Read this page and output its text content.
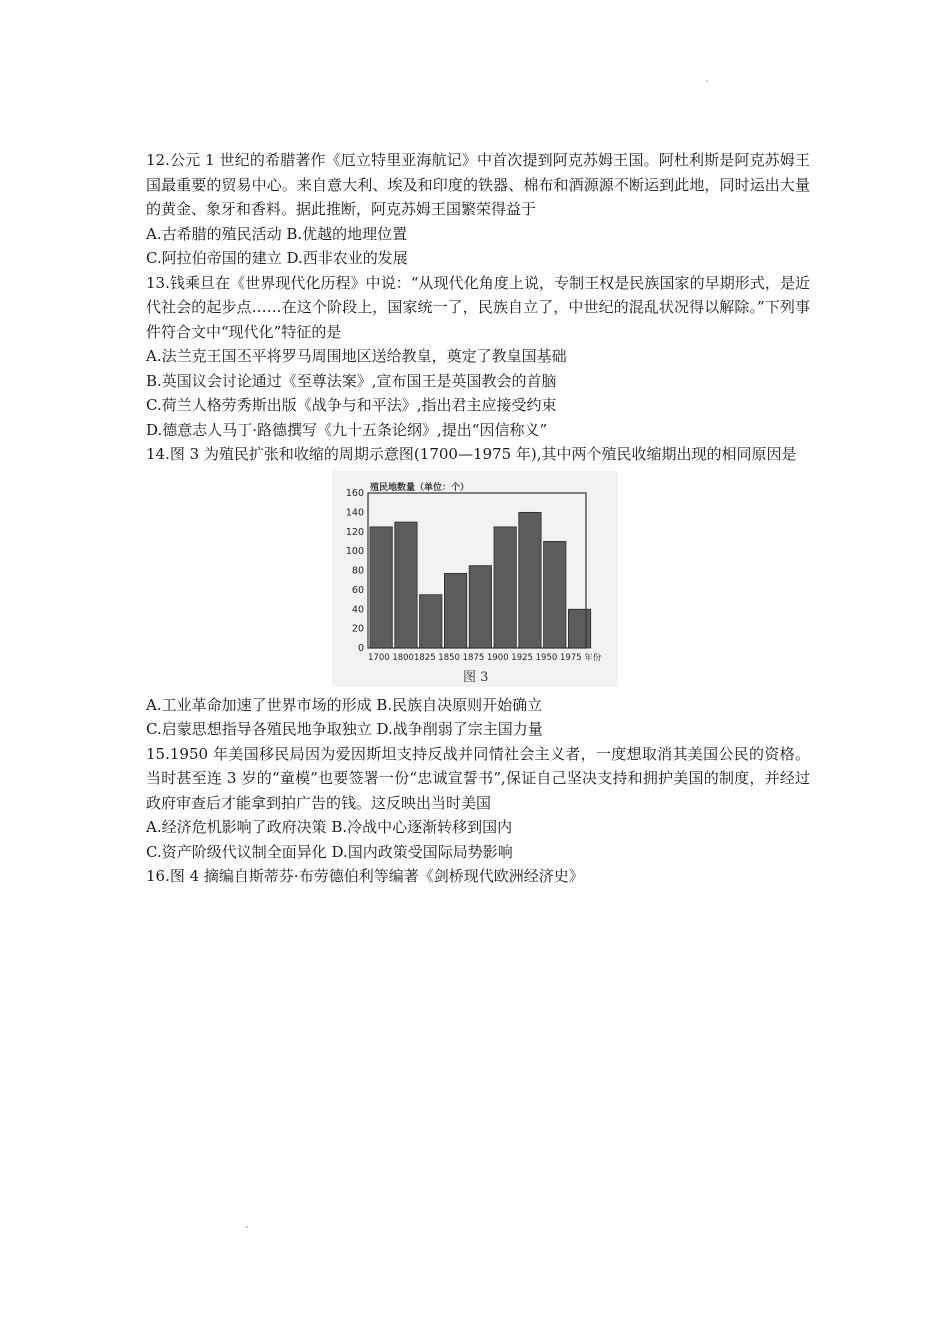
12.公元 1 世纪的希腊著作《厄立特里亚海航记》中首次提到阿克苏姆王国。阿杜利斯是阿克苏姆王国最重要的贸易中心。来自意大利、埃及和印度的铁器、棉布和酒源源不断运到此地，同时运出大量的黄金、象牙和香料。据此推断，阿克苏姆王国繁荣得益于

A.古希腊的殖民活动 B.优越的地理位置

C.阿拉伯帝国的建立 D.西非农业的发展

13.钱乘旦在《世界现代化历程》中说：“从现代化角度上说，专制王权是民族国家的早期形式，是近代社会的起步点……在这个阶段上，国家统一了，民族自立了，中世纪的混乱状况得以解除。”下列事件符合文中“现代化”特征的是

A.法兰克王国丕平将罗马周围地区送给教皇，奠定了教皇国基础

B.英国议会讨论通过《至尊法案》,宣布国王是英国教会的首脑

C.荷兰人格劳秀斯出版《战争与和平法》,指出君主应接受约束

D.德意志人马丁·路德撰写《九十五条论纲》,提出“因信称义”

14.图 3 为殖民扩张和收缩的周期示意图(1700—1975 年),其中两个殖民收缩期出现的相同原因是

殖民地数量（单位：个）
0
20
40
60
80
100
120
140
160
1700 18001825 1850 1875 1900 1925 1950 1975 年份
图 3

A.工业革命加速了世界市场的形成 B.民族自决原则开始确立

C.启蒙思想指导各殖民地争取独立 D.战争削弱了宗主国力量

15.1950 年美国移民局因为爱因斯坦支持反战并同情社会主义者，一度想取消其美国公民的资格。当时甚至连 3 岁的“童模”也要签署一份“忠诚宣誓书”,保证自己坚决支持和拥护美国的制度，并经过政府审查后才能拿到拍广告的钱。这反映出当时美国

A.经济危机影响了政府决策 B.冷战中心逐渐转移到国内

C.资产阶级代议制全面异化 D.国内政策受国际局势影响

16.图 4 摘编自斯蒂芬·布劳德伯利等编著《剑桥现代欧洲经济史》
